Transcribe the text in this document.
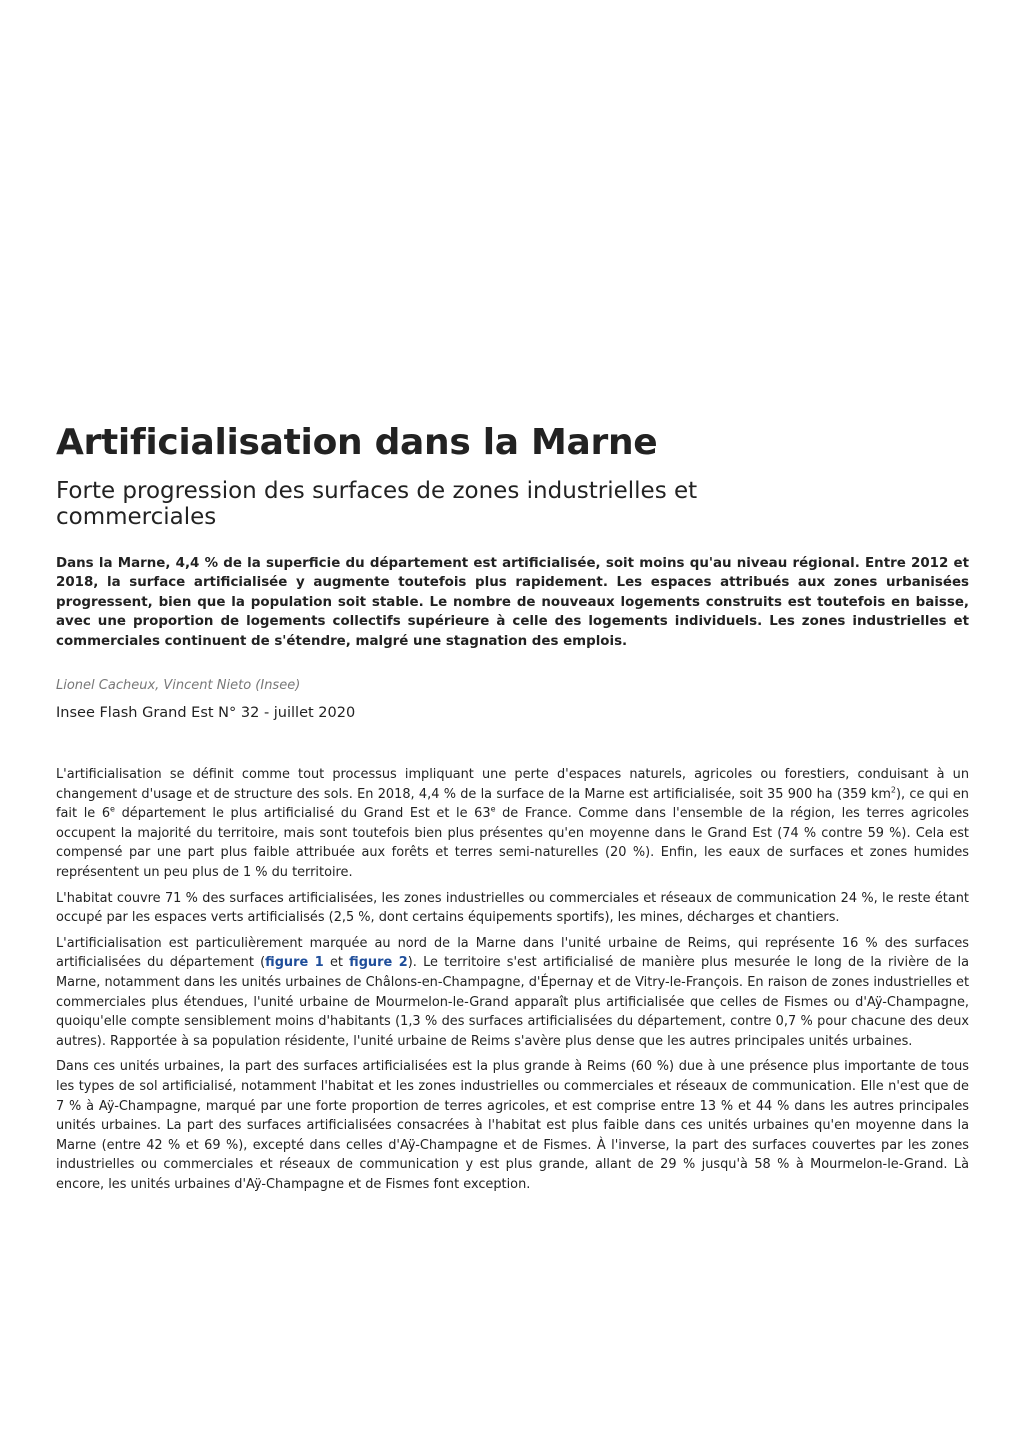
Artificialisation dans la Marne
Forte progression des surfaces de zones industrielles et commerciales

Dans la Marne, 4,4 % de la superficie du département est artificialisée, soit moins qu'au niveau régional. Entre 2012 et 2018, la surface artificialisée y augmente toutefois plus rapidement. Les espaces attribués aux zones urbanisées progressent, bien que la population soit stable. Le nombre de nouveaux logements construits est toutefois en baisse, avec une proportion de logements collectifs supérieure à celle des logements individuels. Les zones industrielles et commerciales continuent de s'étendre, malgré une stagnation des emplois.

Lionel Cacheux, Vincent Nieto (Insee)
Insee Flash Grand Est N° 32 - juillet 2020

L'artificialisation se définit comme tout processus impliquant une perte d'espaces naturels, agricoles ou forestiers, conduisant à un changement d'usage et de structure des sols. En 2018, 4,4 % de la surface de la Marne est artificialisée, soit 35 900 ha (359 $km^2$), ce qui en fait le 6e département le plus artificialisé du Grand Est et le 63e de France. Comme dans l'ensemble de la région, les terres agricoles occupent la majorité du territoire, mais sont toutefois bien plus présentes qu'en moyenne dans le Grand Est (74 % contre 59 %). Cela est compensé par une part plus faible attribuée aux forêts et terres semi-naturelles (20 %). Enfin, les eaux de surfaces et zones humides représentent un peu plus de 1 % du territoire.

L'habitat couvre 71 % des surfaces artificialisées, les zones industrielles ou commerciales et réseaux de communication 24 %, le reste étant occupé par les espaces verts artificialisés (2,5 %, dont certains équipements sportifs), les mines, décharges et chantiers.

L'artificialisation est particulièrement marquée au nord de la Marne dans l'unité urbaine de Reims, qui représente 16 % des surfaces artificialisées du département (figure 1 et figure 2). Le territoire s'est artificialisé de manière plus mesurée le long de la rivière de la Marne, notamment dans les unités urbaines de Châlons-en-Champagne, d'Épernay et de Vitry-le-François. En raison de zones industrielles et commerciales plus étendues, l'unité urbaine de Mourmelon-le-Grand apparaît plus artificialisée que celles de Fismes ou d'Aÿ-Champagne, quoiqu'elle compte sensiblement moins d'habitants (1,3 % des surfaces artificialisées du département, contre 0,7 % pour chacune des deux autres). Rapportée à sa population résidente, l'unité urbaine de Reims s'avère plus dense que les autres principales unités urbaines.

Dans ces unités urbaines, la part des surfaces artificialisées est la plus grande à Reims (60 %) due à une présence plus importante de tous les types de sol artificialisé, notamment l'habitat et les zones industrielles ou commerciales et réseaux de communication. Elle n'est que de 7 % à Aÿ-Champagne, marqué par une forte proportion de terres agricoles, et est comprise entre 13 % et 44 % dans les autres principales unités urbaines. La part des surfaces artificialisées consacrées à l'habitat est plus faible dans ces unités urbaines qu'en moyenne dans la Marne (entre 42 % et 69 %), excepté dans celles d'Aÿ-Champagne et de Fismes. À l'inverse, la part des surfaces couvertes par les zones industrielles ou commerciales et réseaux de communication y est plus grande, allant de 29 % jusqu'à 58 % à Mourmelon-le-Grand. Là encore, les unités urbaines d'Aÿ-Champagne et de Fismes font exception.
